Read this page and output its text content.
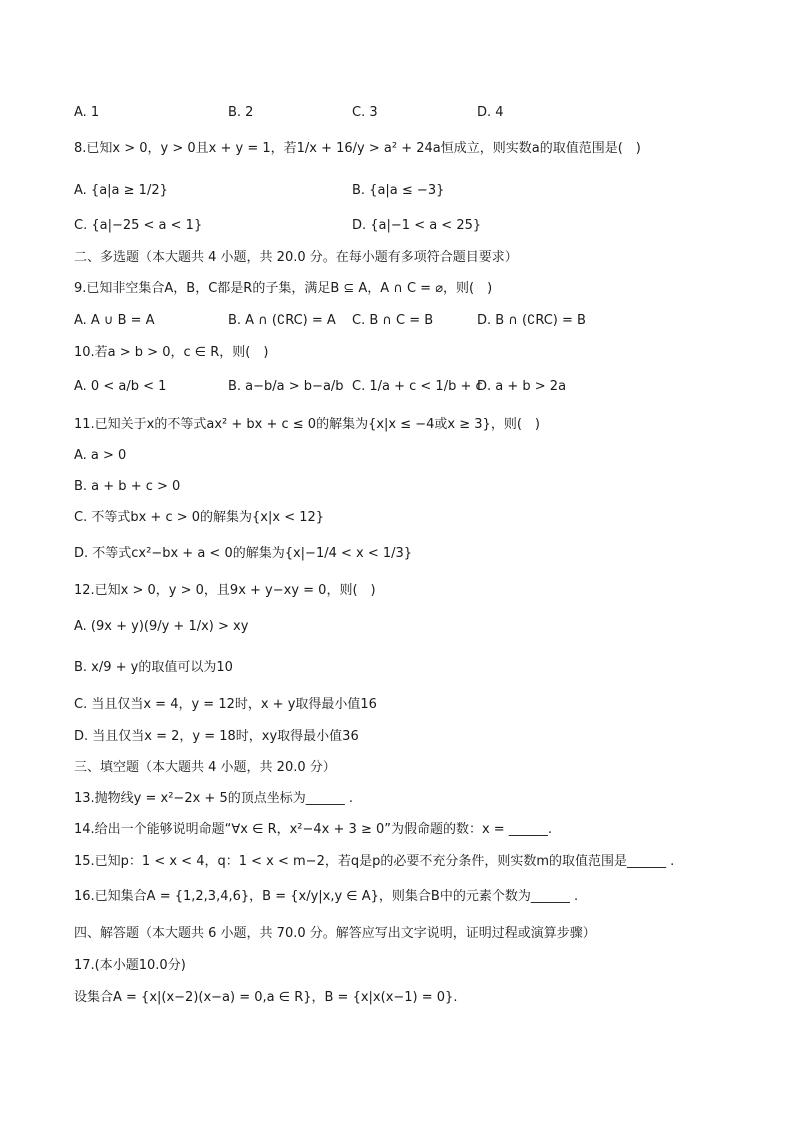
A. 1	B. 2	C. 3	D. 4
8.已知x > 0，y > 0且x + y = 1，若1/x + 16/y > a² + 24a恒成立，则实数a的取值范围是(　)
A. {a|a ≥ 1/2}	B. {a|a ≤ −3}
C. {a|−25 < a < 1}	D. {a|−1 < a < 25}
二、多选题（本大题共 4 小题，共 20.0 分。在每小题有多项符合题目要求）
9.已知非空集合A，B，C都是R的子集，满足B ⊆ A，A ∩ C = ⌀，则(　)
A. A ∪ B = A	B. A ∩ (∁RC) = A C. B ∩ C = B	D. B ∩ (∁RC) = B
10.若a > b > 0，c ∈ R，则(　)
A. 0 < a/b < 1	B. a−b/a > b−a/b C. 1/a + c < 1/b + c
D. a + b > 2a
11.已知关于x的不等式ax² + bx + c ≤ 0的解集为{x|x ≤ −4或x ≥ 3}，则(　)
A. a > 0
B. a + b + c > 0
C. 不等式bx + c > 0的解集为{x|x < 12}
D. 不等式cx²−bx + a < 0的解集为{x|−1/4 < x < 1/3}
12.已知x > 0，y > 0，且9x + y−xy = 0，则(　)
A. (9x + y)(9/y + 1/x) > xy
B. x/9 + y的取值可以为10
C. 当且仅当x = 4，y = 12时，x + y取得最小值16
D. 当且仅当x = 2，y = 18时，xy取得最小值36
三、填空题（本大题共 4 小题，共 20.0 分）
13.抛物线y = x²−2x + 5的顶点坐标为______ .
14.给出一个能够说明命题“∀x ∈ R，x²−4x + 3 ≥ 0”为假命题的数：x = ______.
15.已知p：1 < x < 4，q：1 < x < m−2，若q是p的必要不充分条件，则实数m的取值范围是______ .
16.已知集合A = {1,2,3,4,6}，B = {x/y|x,y ∈ A}，则集合B中的元素个数为______ .
四、解答题（本大题共 6 小题，共 70.0 分。解答应写出文字说明，证明过程或演算步骤）
17.(本小题10.0分)
设集合A = {x|(x−2)(x−a) = 0,a ∈ R}，B = {x|x(x−1) = 0}.
